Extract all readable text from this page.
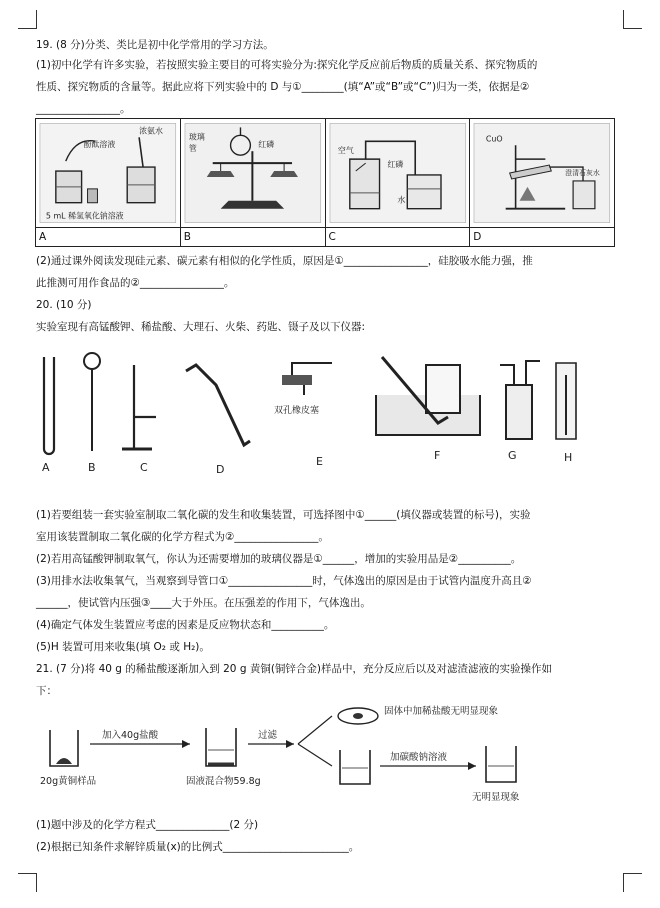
19. (8 分)分类、类比是初中化学常用的学习方法。
(1)初中化学有许多实验，若按照实验主要目的可将实验分为:探究化学反应前后物质的质量关系、探究物质的
性质、探究物质的含量等。据此应将下列实验中的 D 与①________(填“A”或“B”或“C”)归为一类，依据是②
________________。
酚酞溶液
浓氨水
5 mL 稀氢氧化钠溶液	玻璃
管 红磷	空气
红磷
水	CuO
澄清石灰水

A	B	C	D
(2)通过课外阅读发现硅元素、碳元素有相似的化学性质，原因是①________________，硅胶吸水能力强，推
此推测可用作食品的②________________。
20. (10 分)
实验室现有高锰酸钾、稀盐酸、大理石、火柴、药匙、镊子及以下仪器:
双孔橡皮塞
A	B	C	D
E	F	G	H
(1)若要组装一套实验室制取二氧化碳的发生和收集装置，可选择图中①______(填仪器或装置的标号)，实验
室用该装置制取二氧化碳的化学方程式为②________________。
(2)若用高锰酸钾制取氧气，你认为还需要增加的玻璃仪器是①______，增加的实验用品是②__________。
(3)用排水法收集氧气，当观察到导管口①________________时，气体逸出的原因是由于试管内温度升高且②
______，使试管内压强③____大于外压。在压强差的作用下，气体逸出。
(4)确定气体发生装置应考虑的因素是反应物状态和__________。
(5)H 装置可用来收集(填 O₂ 或 H₂)。
21. (7 分)将 40 g 的稀盐酸逐渐加入到 20 g 黄铜(铜锌合金)样品中，充分反应后以及对滤渣滤液的实验操作如
下：
加入40g盐酸
20g黄铜样品	固液混合物59.8g
过滤
固体中加稀盐酸无明显现象
加碳酸钠溶液
无明显现象
(1)题中涉及的化学方程式______________(2 分)
(2)根据已知条件求解锌质量(x)的比例式________________________。
